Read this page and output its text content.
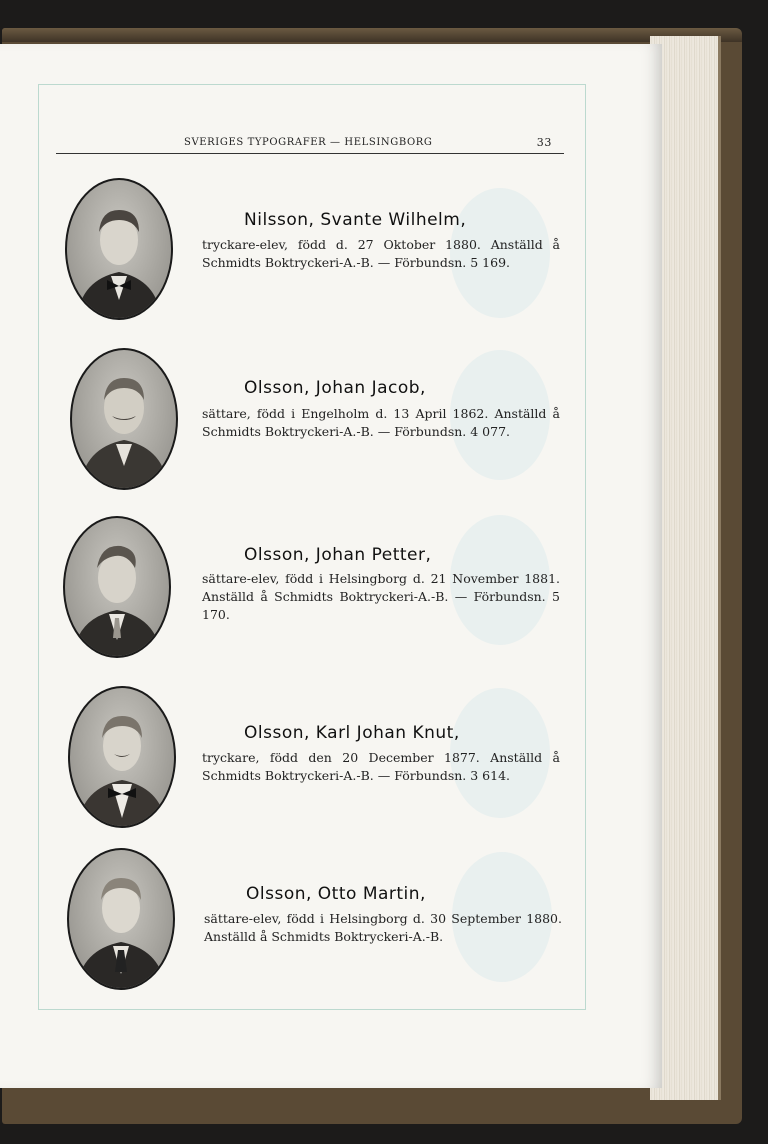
SVERIGES TYPOGRAFER — HELSINGBORG	33
Nilsson, Svante Wilhelm,
tryckare-elev, född d. 27 Oktober 1880. Anställd å Schmidts Boktryckeri-A.-B. — Förbundsn. 5 169.
Olsson, Johan Jacob,
sättare, född i Engelholm d. 13 April 1862. Anställd å Schmidts Boktryckeri-A.-B. — Förbundsn. 4 077.
Olsson, Johan Petter,
sättare-elev, född i Helsingborg d. 21 November 1881. Anställd å Schmidts Boktryckeri-A.-B. — Förbundsn. 5 170.
Olsson, Karl Johan Knut,
tryckare, född den 20 December 1877. Anställd å Schmidts Boktryckeri-A.-B. — Förbundsn. 3 614.
Olsson, Otto Martin,
sättare-elev, född i Helsingborg d. 30 September 1880. Anställd å Schmidts Boktryckeri-A.-B.
